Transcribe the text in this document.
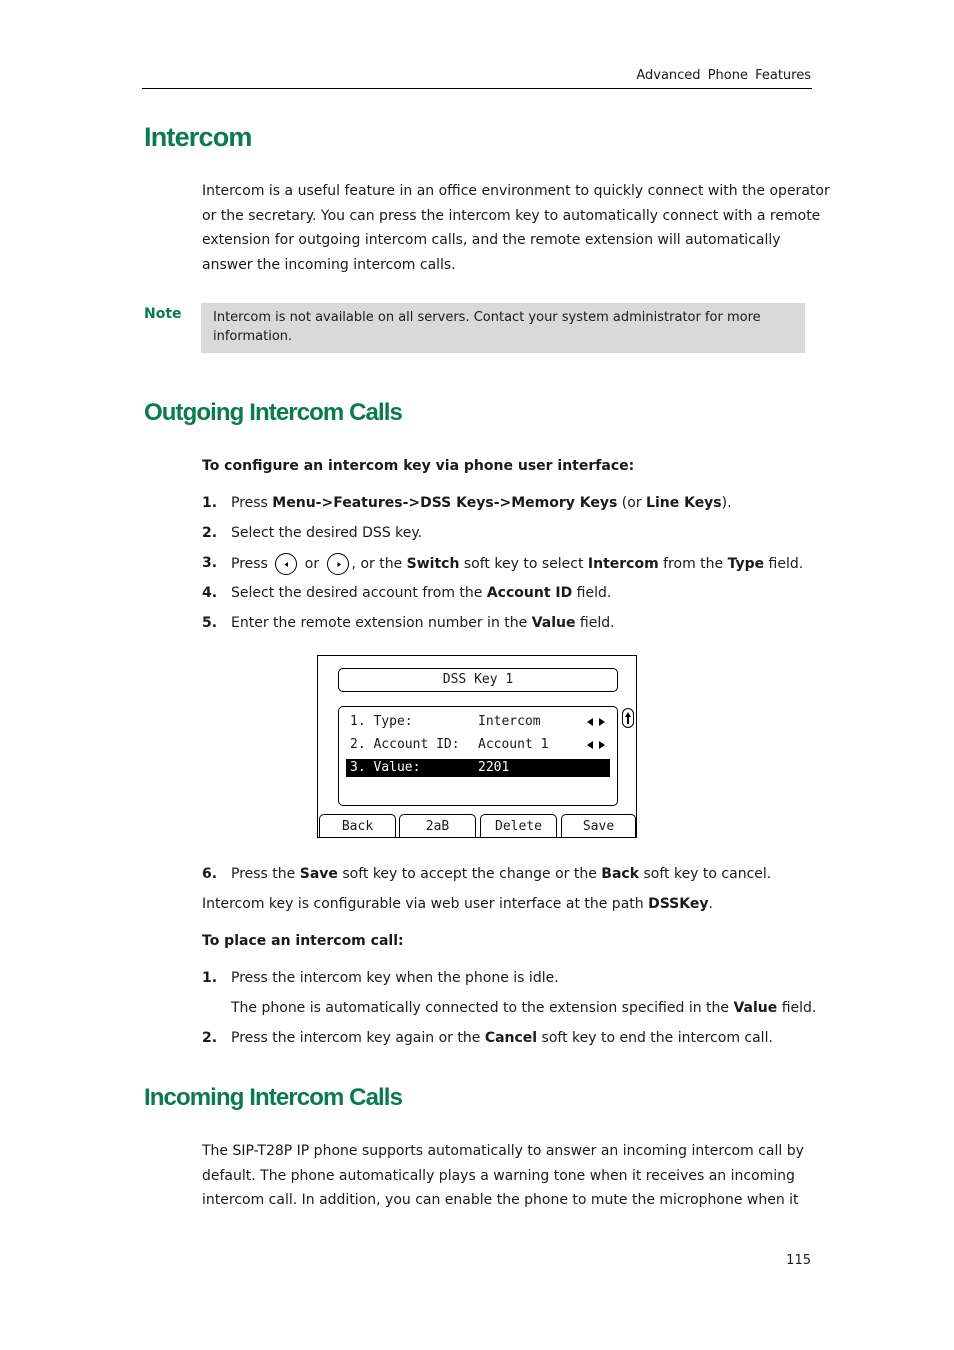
Advanced Phone Features
Intercom
Intercom is a useful feature in an office environment to quickly connect with the operator
or the secretary. You can press the intercom key to automatically connect with a remote
extension for outgoing intercom calls, and the remote extension will automatically
answer the incoming intercom calls.
Note Intercom is not available on all servers. Contact your system administrator for more
information.
Outgoing Intercom Calls
To configure an intercom key via phone user interface:
1. Press Menu->Features->DSS Keys->Memory Keys (or Line Keys).
2. Select the desired DSS key.
3. Press	or , or the Switch soft key to select Intercom from the Type field.
4. Select the desired account from the Account ID field.
5. Enter the remote extension number in the Value field.
DSS Key 1
1. Type:	Intercom
2. Account ID: Account 1
3. Value:	2201
Back	2aB	Delete	Save
6. Press the Save soft key to accept the change or the Back soft key to cancel.
Intercom key is configurable via web user interface at the path DSSKey.
To place an intercom call:
1. Press the intercom key when the phone is idle.
The phone is automatically connected to the extension specified in the Value field.
2. Press the intercom key again or the Cancel soft key to end the intercom call.
Incoming Intercom Calls
The SIP-T28P IP phone supports automatically to answer an incoming intercom call by
default. The phone automatically plays a warning tone when it receives an incoming
intercom call. In addition, you can enable the phone to mute the microphone when it
115
